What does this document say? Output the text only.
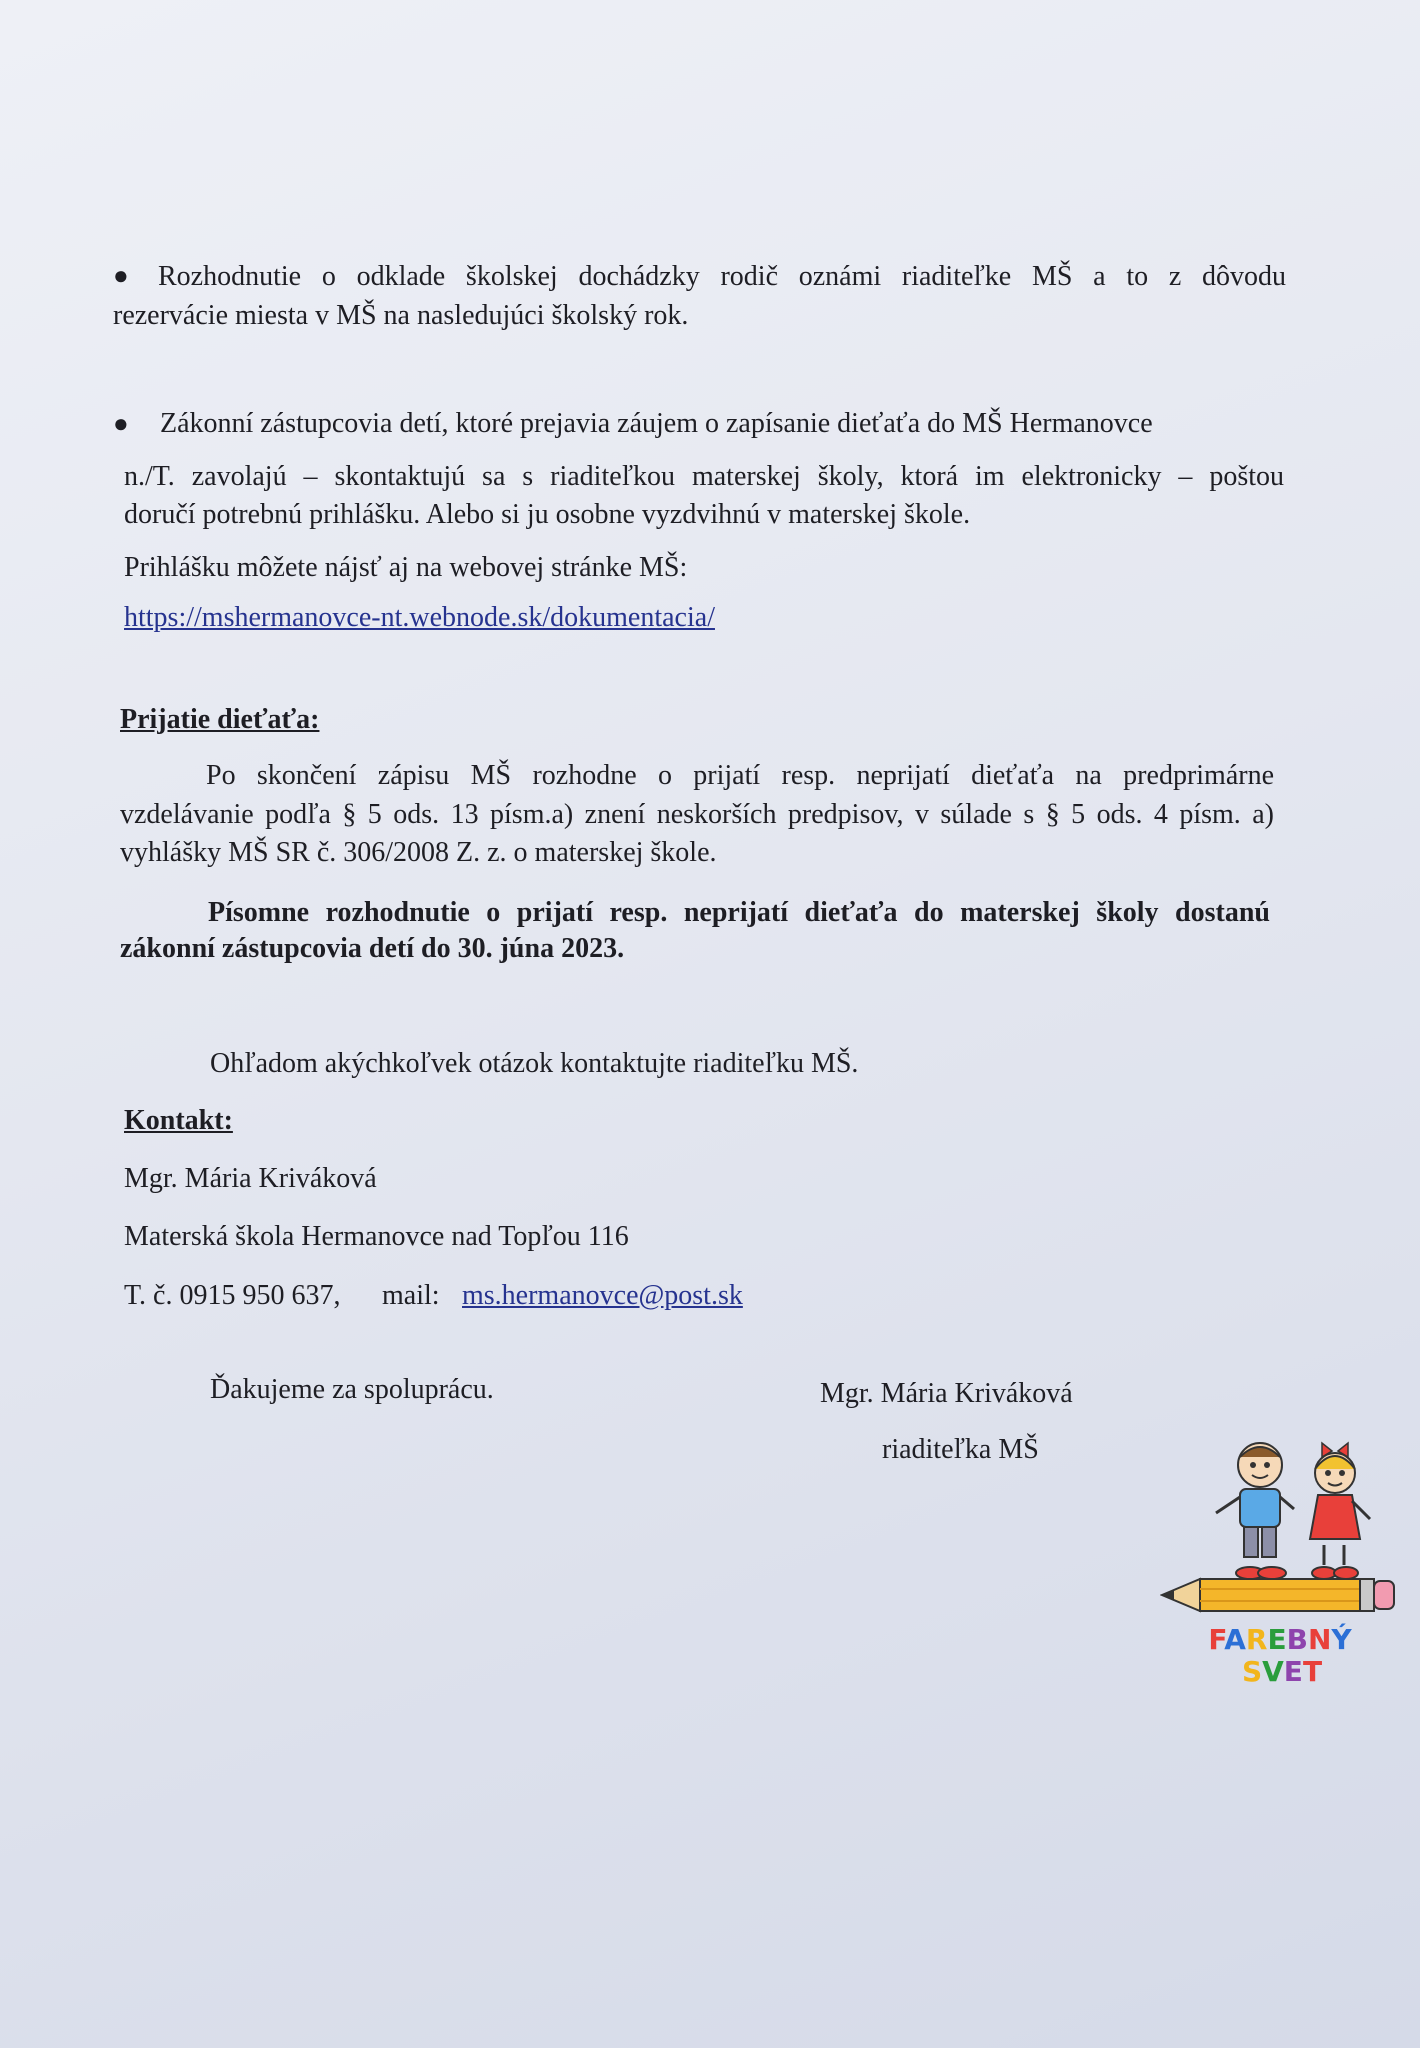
● Rozhodnutie o odklade školskej dochádzky rodič oznámi riaditeľke MŠ a to z dôvodu
rezervácie miesta v MŠ na nasledujúci školský rok.
● Zákonní zástupcovia detí, ktoré prejavia záujem o zapísanie dieťaťa do MŠ Hermanovce
n./T. zavolajú – skontaktujú sa s riaditeľkou materskej školy, ktorá im elektronicky – poštou
doručí potrebnú prihlášku. Alebo si ju osobne vyzdvihnú v materskej škole.
Prihlášku môžete nájsť aj na webovej stránke MŠ:
https://mshermanovce-nt.webnode.sk/dokumentacia/
Prijatie dieťaťa:
Po skončení zápisu MŠ rozhodne o prijatí resp. neprijatí dieťaťa na predprimárne
vzdelávanie podľa § 5 ods. 13 písm.a) znení neskorších predpisov, v súlade s § 5 ods. 4 písm. a)
vyhlášky MŠ SR č. 306/2008 Z. z. o materskej škole.
Písomne rozhodnutie o prijatí resp. neprijatí dieťaťa do materskej školy dostanú
zákonní zástupcovia detí do 30. júna 2023.
Ohľadom akýchkoľvek otázok kontaktujte riaditeľku MŠ.
Kontakt:
Mgr. Mária Kriváková
Materská škola Hermanovce nad Topľou 116
T. č. 0915 950 637, mail: ms.hermanovce@post.sk
Ďakujeme za spoluprácu.	Mgr. Mária Kriváková
riaditeľka MŠ
FAREBNÝ
SVET
